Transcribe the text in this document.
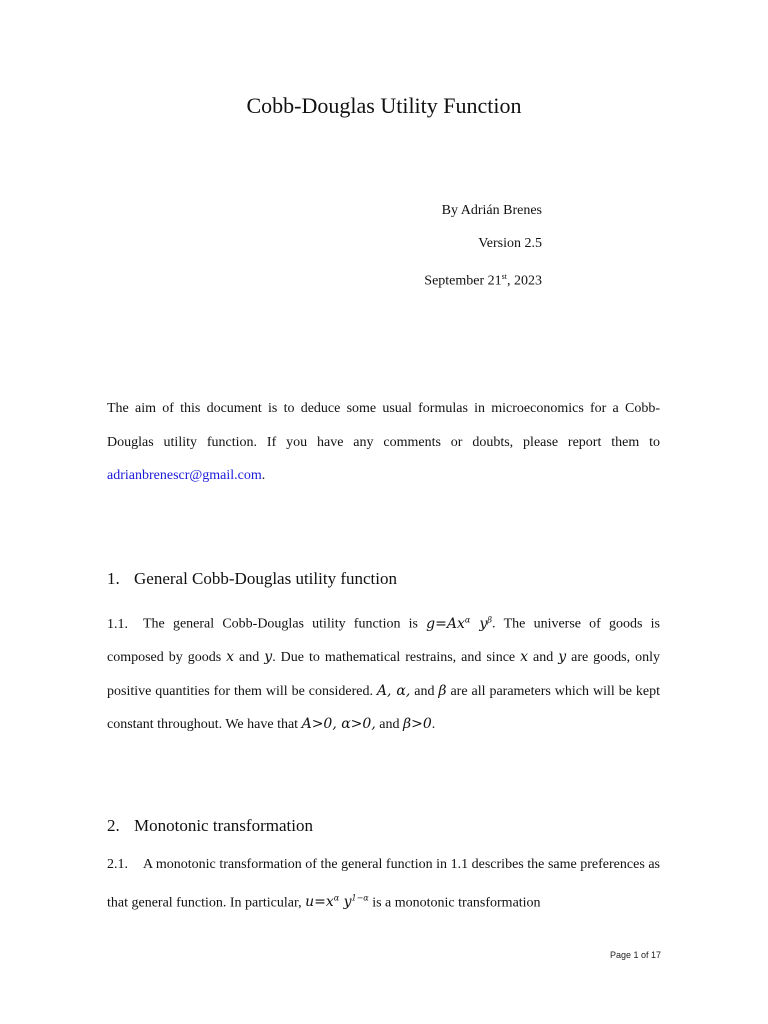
Cobb-Douglas Utility Function
By Adrián Brenes
Version 2.5
September 21st, 2023
The aim of this document is to deduce some usual formulas in microeconomics for a Cobb-Douglas utility function. If you have any comments or doubts, please report them to adrianbrenescr@gmail.com.
1. General Cobb-Douglas utility function
1.1. The general Cobb-Douglas utility function is $g=Ax^\alpha$ $y^\beta$. The universe of goods is composed by goods x and y. Due to mathematical restrains, and since x and y are goods, only positive quantities for them will be considered. A, α, and β are all parameters which will be kept constant throughout. We have that A>0, α>0, and β>0.
2. Monotonic transformation
2.1. A monotonic transformation of the general function in 1.1 describes the same preferences as that general function. In particular, $u=x^\alpha$ $y^{1-\alpha}$ is a monotonic transformation
Page 1 of 17
